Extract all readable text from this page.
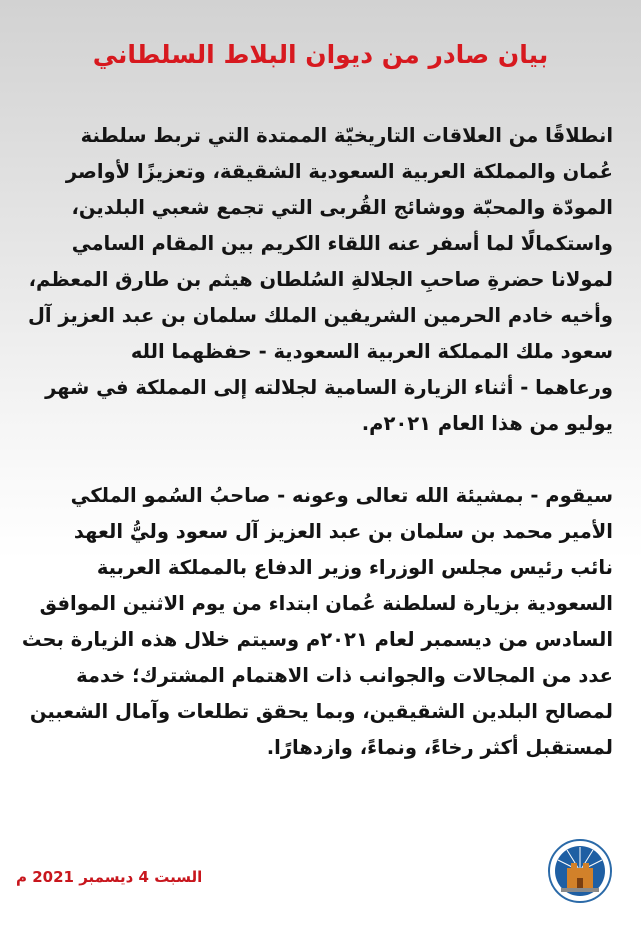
بيان صادر من ديوان البلاط السلطاني
انطلاقًا من العلاقات التاريخيّة الممتدة التي تربط سلطنة
عُمان والمملكة العربية السعودية الشقيقة، وتعزيزًا لأواصر
المودّة والمحبّة ووشائج القُربى التي تجمع شعبي البلدين،
واستكمالًا لما أسفر عنه اللقاء الكريم بين المقام السامي
لمولانا حضرةِ صاحبِ الجلالةِ السُلطان هيثم بن طارق المعظم،
وأخيه خادم الحرمين الشريفين الملك سلمان بن عبد العزيز آل
سعود ملك المملكة العربية السعودية - حفظهما الله
ورعاهما - أثناء الزيارة السامية لجلالته إلى المملكة في شهر
يوليو من هذا العام ٢٠٢١م.
سيقوم - بمشيئة الله تعالى وعونه - صاحبُ السُمو الملكي
الأمير محمد بن سلمان بن عبد العزيز آل سعود وليُّ العهد
نائب رئيس مجلس الوزراء وزير الدفاع بالمملكة العربية
السعودية بزيارة لسلطنة عُمان ابتداء من يوم الاثنين الموافق
السادس من ديسمبر لعام ٢٠٢١م وسيتم خلال هذه الزيارة بحث
عدد من المجالات والجوانب ذات الاهتمام المشترك؛ خدمة
لمصالح البلدين الشقيقين، وبما يحقق تطلعات وآمال الشعبين
لمستقبل أكثر رخاءً، ونماءً، وازدهارًا.
السبت 4 ديسمبر 2021 م
